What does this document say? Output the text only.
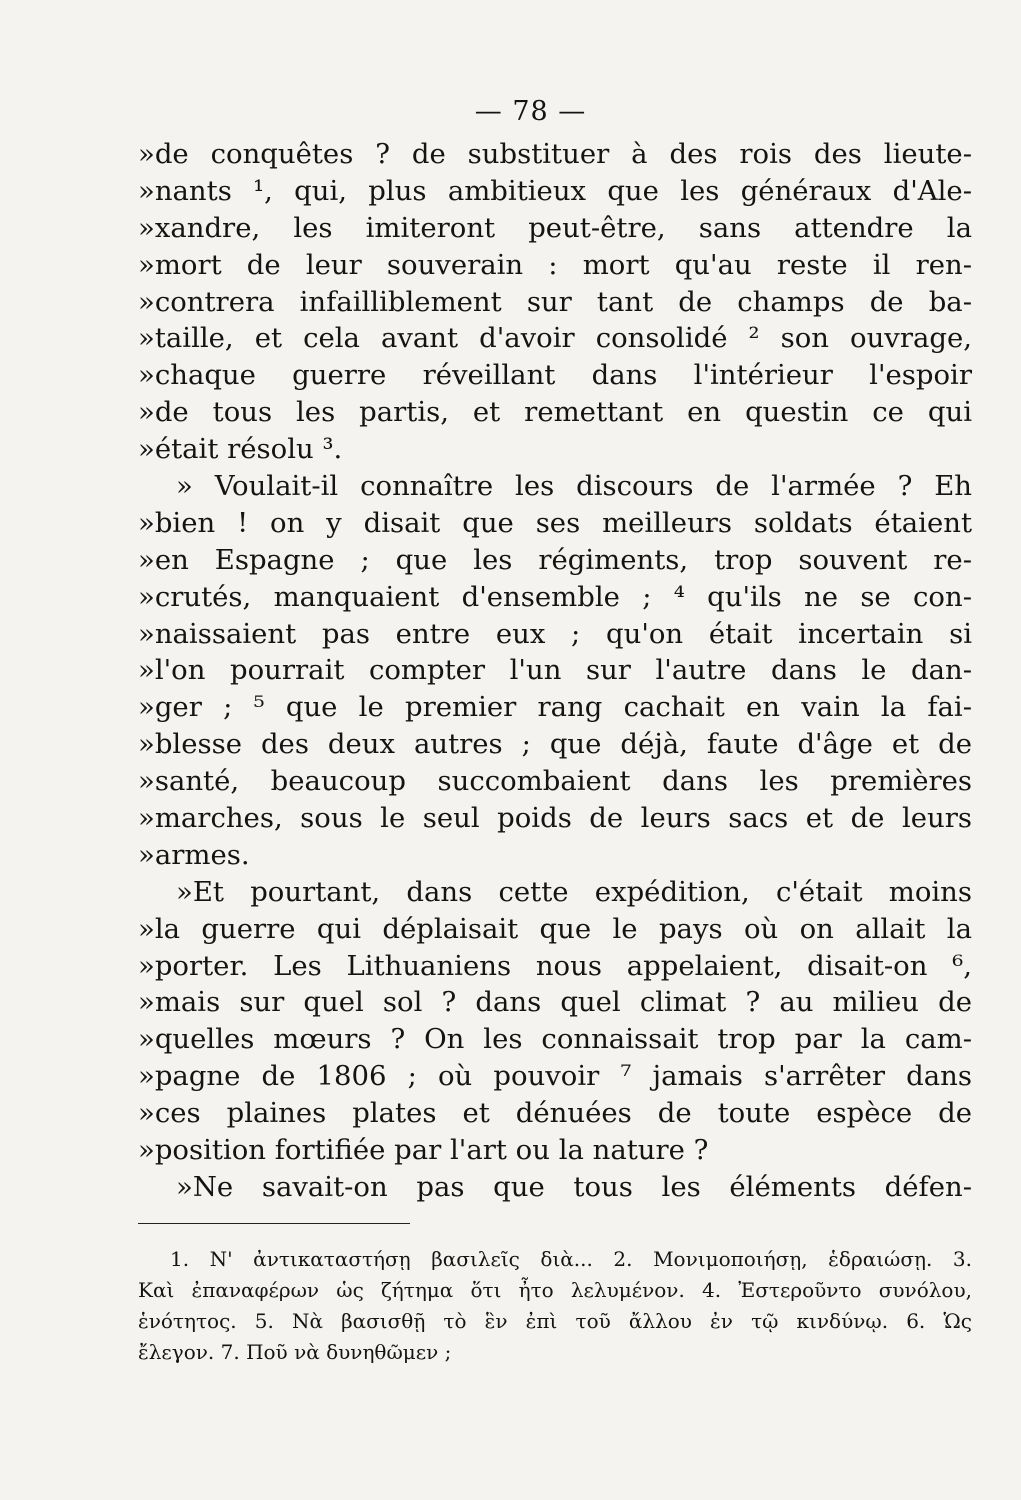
— 78 —
»de conquêtes ? de substituer à des rois des lieute-
»nants ¹, qui, plus ambitieux que les généraux d'Ale-
»xandre, les imiteront peut-être, sans attendre la
»mort de leur souverain : mort qu'au reste il ren-
»contrera infailliblement sur tant de champs de ba-
»taille, et cela avant d'avoir consolidé ² son ouvrage,
»chaque guerre réveillant dans l'intérieur l'espoir
»de tous les partis, et remettant en questin ce qui
»était résolu ³.
» Voulait-il connaître les discours de l'armée ? Eh
»bien ! on y disait que ses meilleurs soldats étaient
»en Espagne ; que les régiments, trop souvent re-
»crutés, manquaient d'ensemble ; ⁴ qu'ils ne se con-
»naissaient pas entre eux ; qu'on était incertain si
»l'on pourrait compter l'un sur l'autre dans le dan-
»ger ; ⁵ que le premier rang cachait en vain la fai-
»blesse des deux autres ; que déjà, faute d'âge et de
»santé, beaucoup succombaient dans les premières
»marches, sous le seul poids de leurs sacs et de leurs
»armes.
»Et pourtant, dans cette expédition, c'était moins
»la guerre qui déplaisait que le pays où on allait la
»porter. Les Lithuaniens nous appelaient, disait-on ⁶,
»mais sur quel sol ? dans quel climat ? au milieu de
»quelles mœurs ? On les connaissait trop par la cam-
»pagne de 1806 ; où pouvoir ⁷ jamais s'arrêter dans
»ces plaines plates et dénuées de toute espèce de
»position fortifiée par l'art ou la nature ?
»Ne savait-on pas que tous les éléments défen-
1. N' ἀντικαταστήσῃ βασιλεῖς διὰ... 2. Μονιμοποιήσῃ, ἑδραιώσῃ. 3.
Καὶ ἐπαναφέρων ὡς ζήτημα ὅτι ἦτο λελυμένον. 4. Ἐστεροῦντο συνόλου,
ἑνότητος. 5. Νὰ βασισθῇ τὸ ἓν ἐπὶ τοῦ ἄλλου ἐν τῷ κινδύνῳ. 6. Ὡς
ἔλεγον. 7. Ποῦ νὰ δυνηθῶμεν ;
